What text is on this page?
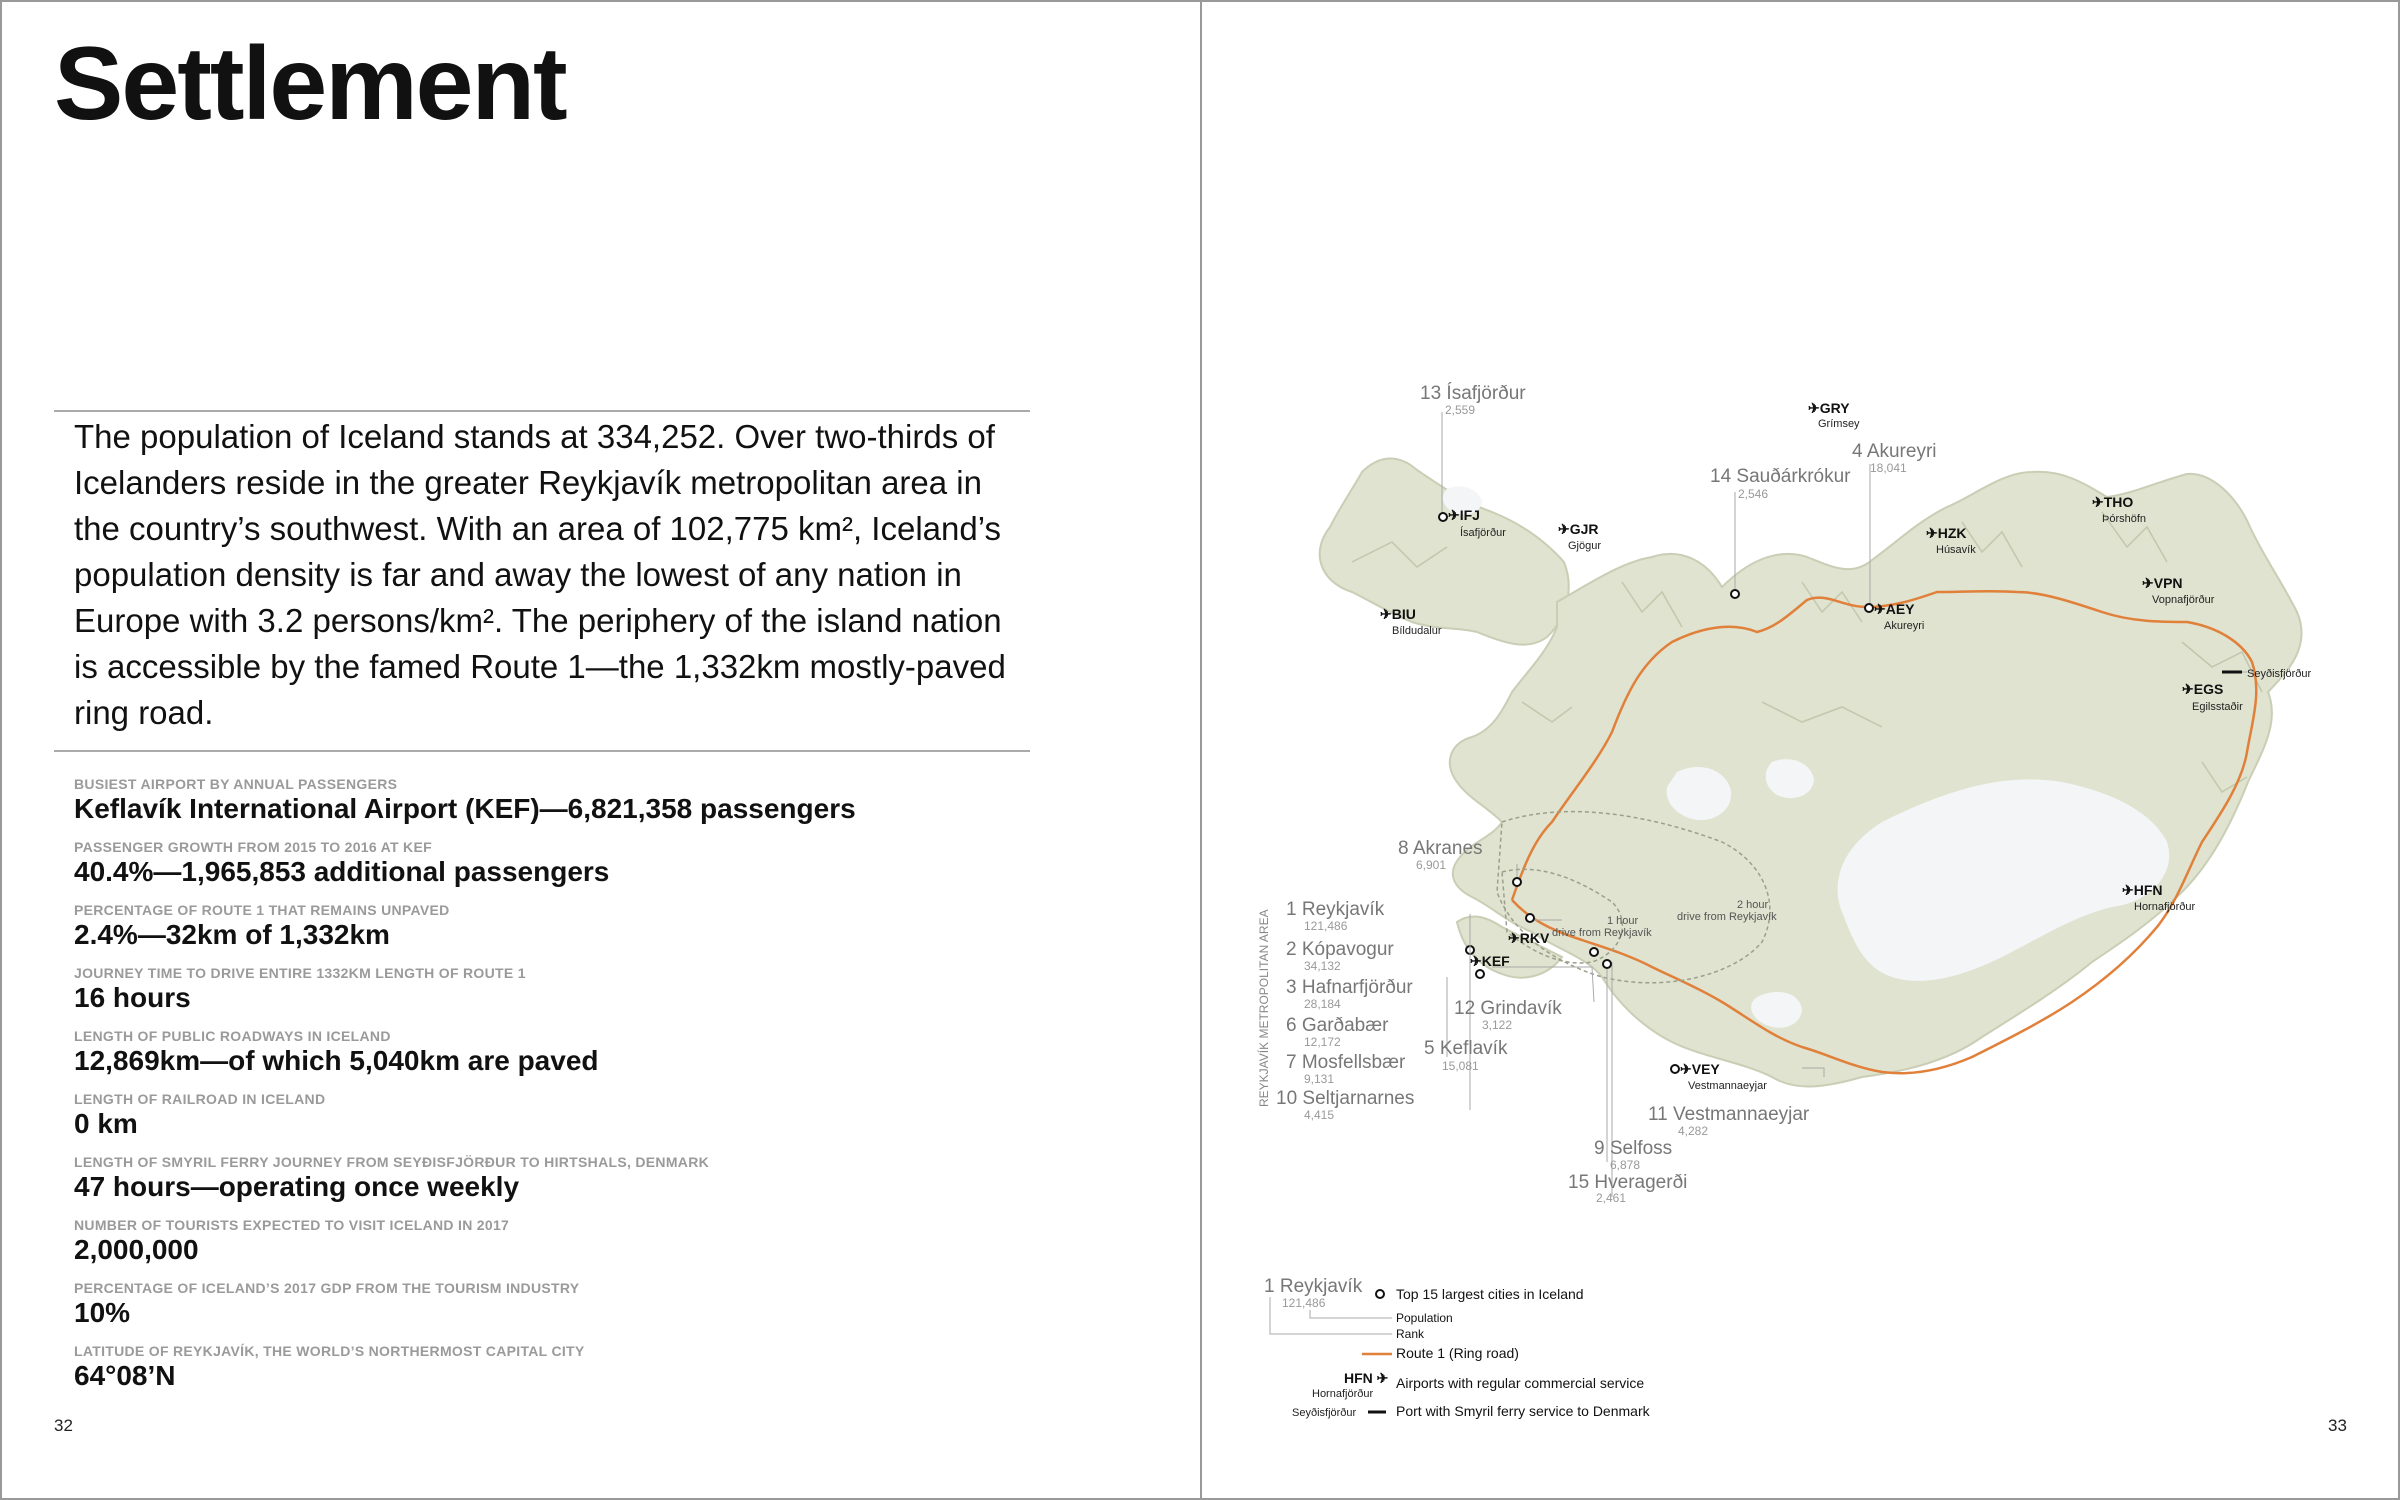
Settlement
The population of Iceland stands at 334,252. Over two-thirds of Icelanders reside in the greater Reykjavík metropolitan area in the country’s southwest. With an area of 102,775 km², Iceland’s population density is far and away the lowest of any nation in Europe with 3.2 persons/km². The periphery of the island nation is accessible by the famed Route 1—the 1,332km mostly-paved ring road.
BUSIEST AIRPORT BY ANNUAL PASSENGERS
Keflavík International Airport (KEF)—6,821,358 passengers
PASSENGER GROWTH FROM 2015 TO 2016 AT KEF
40.4%—1,965,853 additional passengers
PERCENTAGE OF ROUTE 1 THAT REMAINS UNPAVED
2.4%—32km of 1,332km
JOURNEY TIME TO DRIVE ENTIRE 1332KM LENGTH OF ROUTE 1
16 hours
LENGTH OF PUBLIC ROADWAYS IN ICELAND
12,869km—of which 5,040km are paved
LENGTH OF RAILROAD IN ICELAND
0 km
LENGTH OF SMYRIL FERRY JOURNEY FROM SEYÐISFJÖRÐUR TO HIRTSHALS, DENMARK
47 hours—operating once weekly
NUMBER OF TOURISTS EXPECTED TO VISIT ICELAND IN 2017
2,000,000
PERCENTAGE OF ICELAND’S 2017 GDP FROM THE TOURISM INDUSTRY
10%
LATITUDE OF REYKJAVÍK, THE WORLD’S NORTHERMOST CAPITAL CITY
64°08’N
32
1 hour
drive from Reykjavík
2 hour
drive from Reykjavík
13 Ísafjörður
2,559
14 Sauðárkrókur
2,546
4 Akureyri
18,041
8 Akranes
6,901
12 Grindavík
3,122
5 Keflavík
15,081
11 Vestmannaeyjar
4,282
9 Selfoss
6,878
15 Hveragerði
2,461
1 Reykjavík
121,486
2 Kópavogur
34,132
3 Hafnarfjörður
28,184
6 Garðabær
12,172
7 Mosfellsbær
9,131
10 Seltjarnarnes
4,415
REYKJAVÍK METROPOLITAN AREA
✈GRY
Grímsey
✈IFJ
Ísafjörður	✈GJR
Gjögur
✈BIU
Bíldudalur
✈HZK
Húsavík
✈THO
Þórshöfn
✈VPN
Vopnafjörður
✈AEY
Akureyri
✈EGS
Egilsstaðir
✈HFN
Hornafjörður
✈VEY
Vestmannaeyjar
✈KEF
✈RKV
Seyðisfjörður
1 Reykjavík
121,486
Top 15 largest cities in Iceland
Population
Rank
Route 1 (Ring road)
HFN ✈
Hornafjörður
Airports with regular commercial service
Seyðisfjörður	Port with Smyril ferry service to Denmark
33
